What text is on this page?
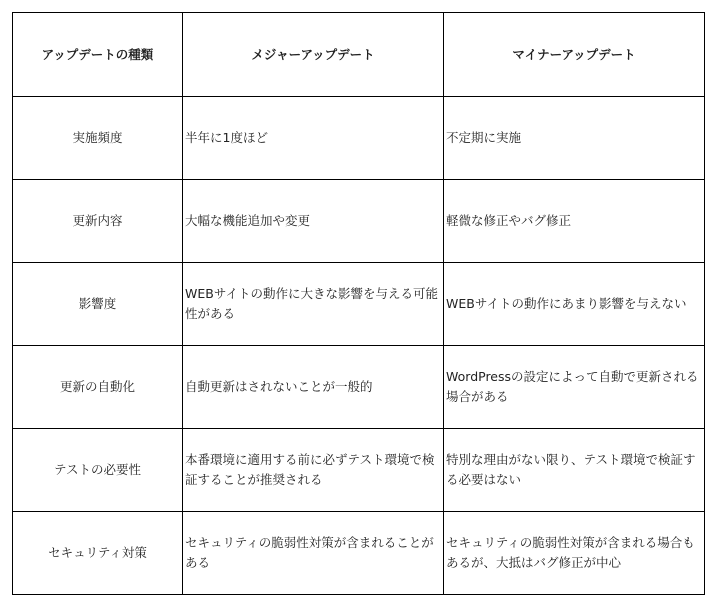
アップデートの種類	メジャーアップデート	マイナーアップデート
実施頻度	半年に1度ほど	不定期に実施
更新内容	大幅な機能追加や変更	軽微な修正やバグ修正
影響度	WEBサイトの動作に大きな影響を与える可能性がある	WEBサイトの動作にあまり影響を与えない
更新の自動化	自動更新はされないことが一般的	WordPressの設定によって自動で更新される場合がある
テストの必要性	本番環境に適用する前に必ずテスト環境で検証することが推奨される	特別な理由がない限り、テスト環境で検証する必要はない
セキュリティ対策	セキュリティの脆弱性対策が含まれることがある	セキュリティの脆弱性対策が含まれる場合もあるが、大抵はバグ修正が中心
